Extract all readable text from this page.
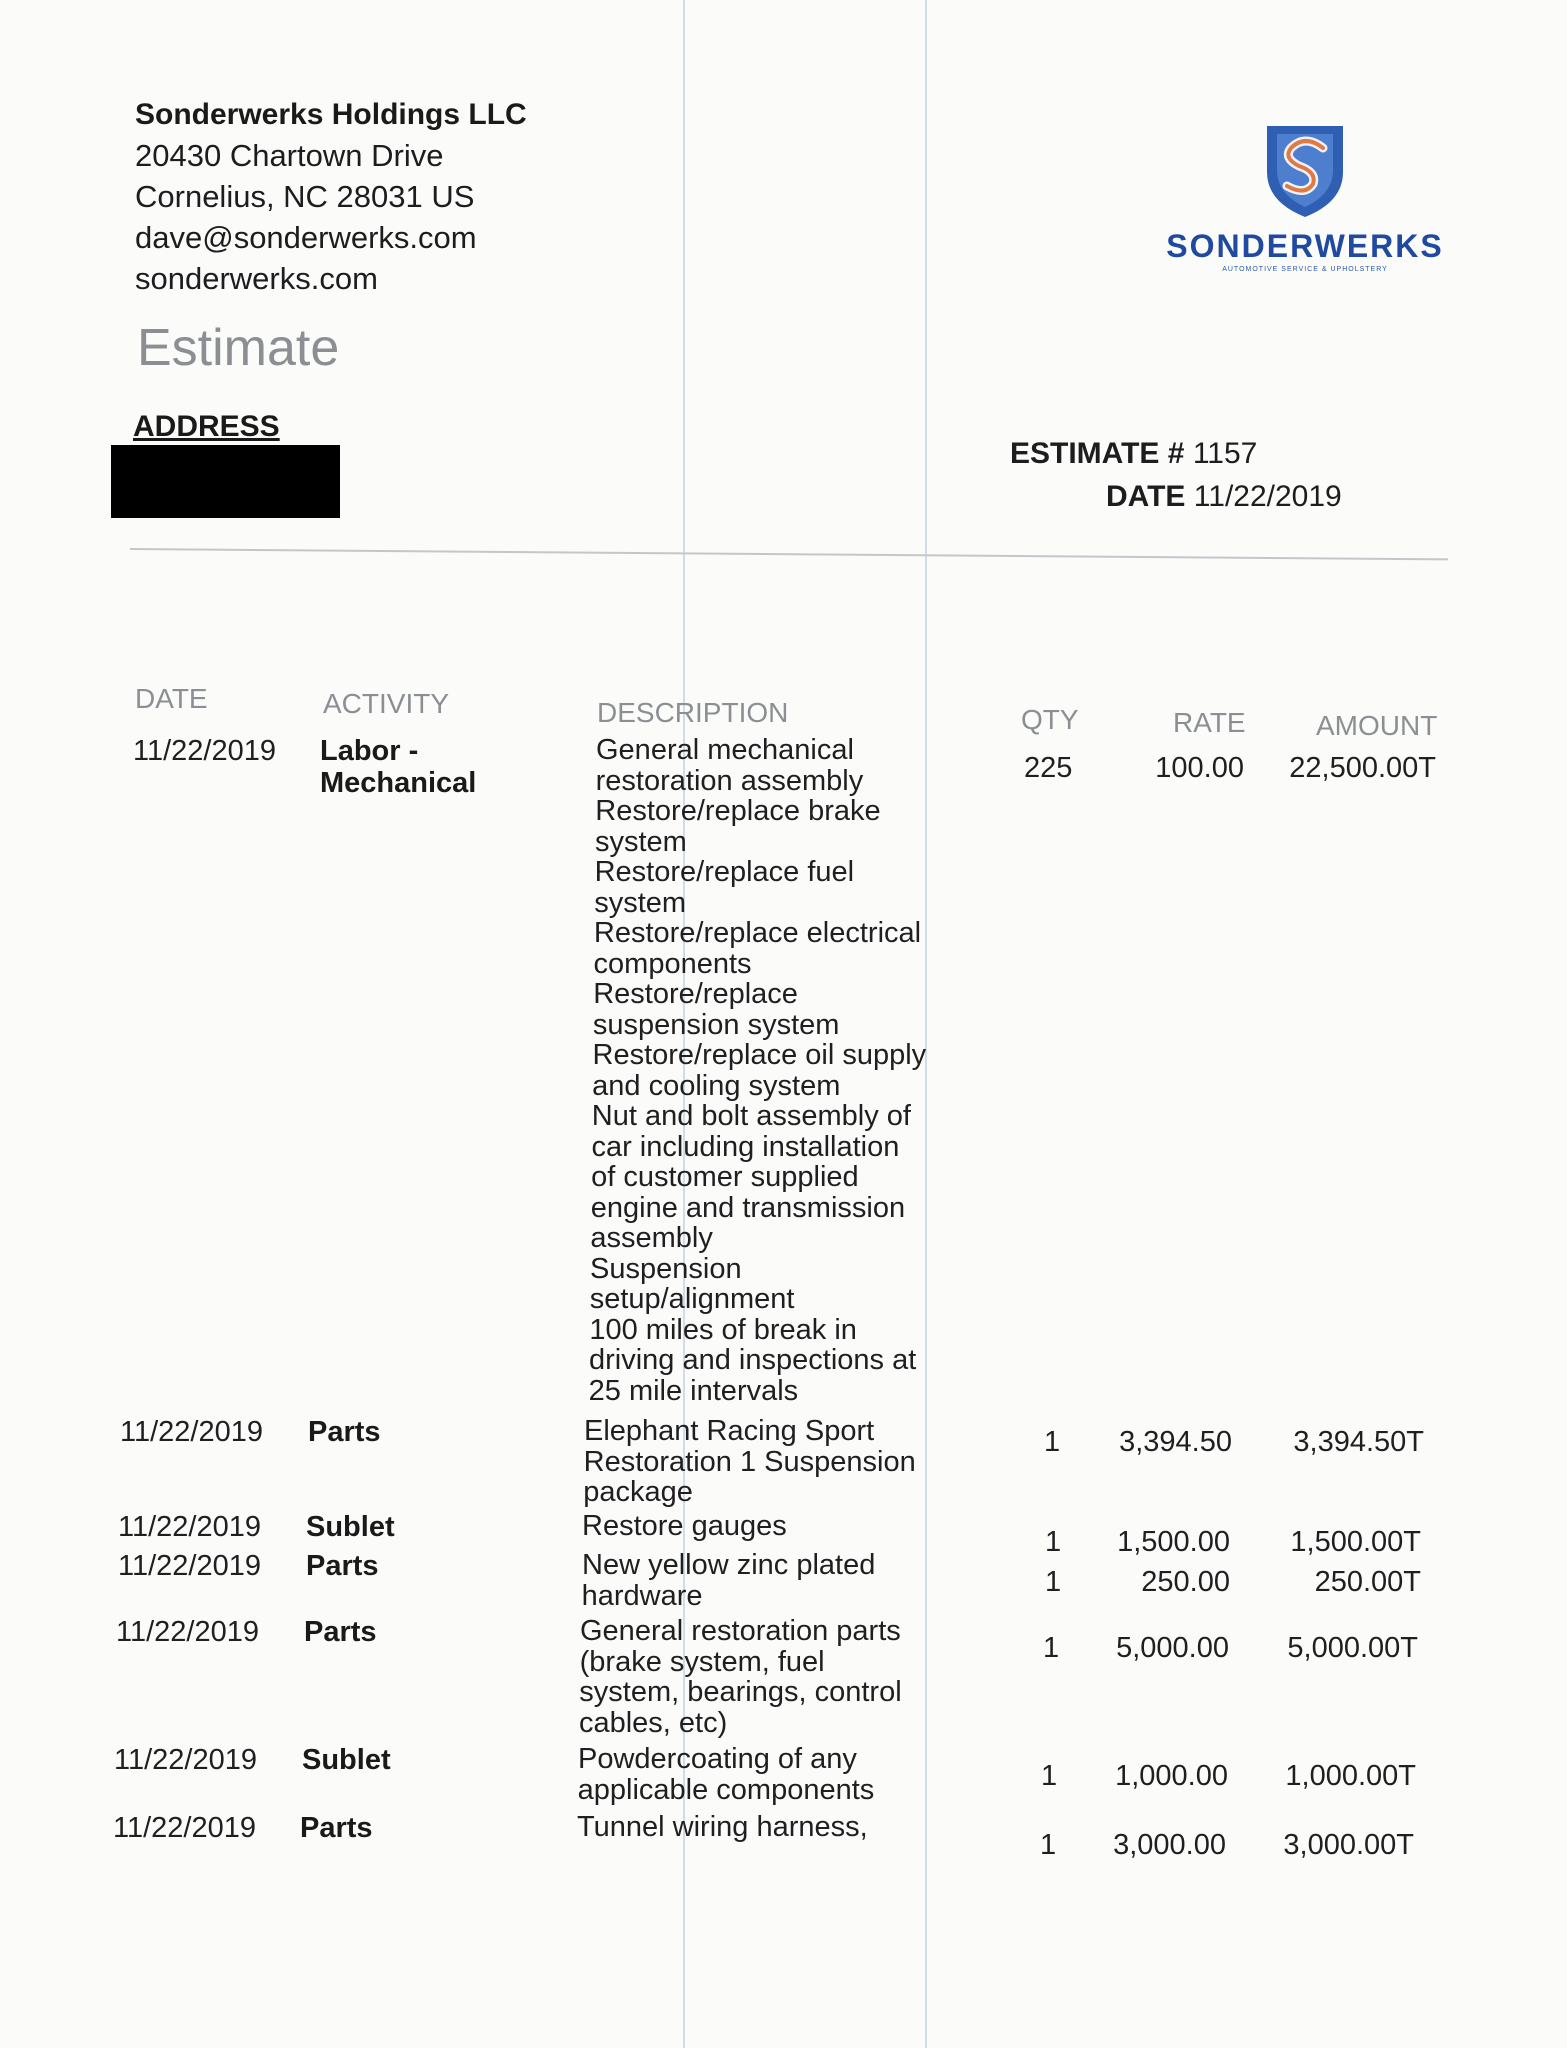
Sonderwerks Holdings LLC
20430 Chartown Drive
Cornelius, NC 28031 US
dave@sonderwerks.com
sonderwerks.com
SONDERWERKS
AUTOMOTIVE SERVICE & UPHOLSTERY
Estimate
ADDRESS
ESTIMATE # 1157
DATE 11/22/2019
DATE	ACTIVITY	DESCRIPTION	QTY	RATE	AMOUNT
11/22/2019 Labor -
Mechanical
General mechanical
restoration assembly
Restore/replace brake
system
Restore/replace fuel
system
Restore/replace electrical
components
Restore/replace
suspension system
Restore/replace oil supply
and cooling system
Nut and bolt assembly of
car including installation
of customer supplied
engine and transmission
assembly
Suspension
setup/alignment
100 miles of break in
driving and inspections at
25 mile intervals
225	100.00 22,500.00T
11/22/2019 Parts	Elephant Racing Sport
Restoration 1 Suspension
package
1 3,394.50 3,394.50T
11/22/2019 Sublet	Restore gauges	1 1,500.00 1,500.00T
11/22/2019 Parts	New yellow zinc plated
hardware	1	250.00	250.00T
11/22/2019 Parts	General restoration parts
(brake system, fuel
system, bearings, control
cables, etc)
1 5,000.00 5,000.00T
11/22/2019 Sublet	Powdercoating of any
applicable components	1 1,000.00 1,000.00T
11/22/2019 Parts	Tunnel wiring harness,
1 3,000.00 3,000.00T
